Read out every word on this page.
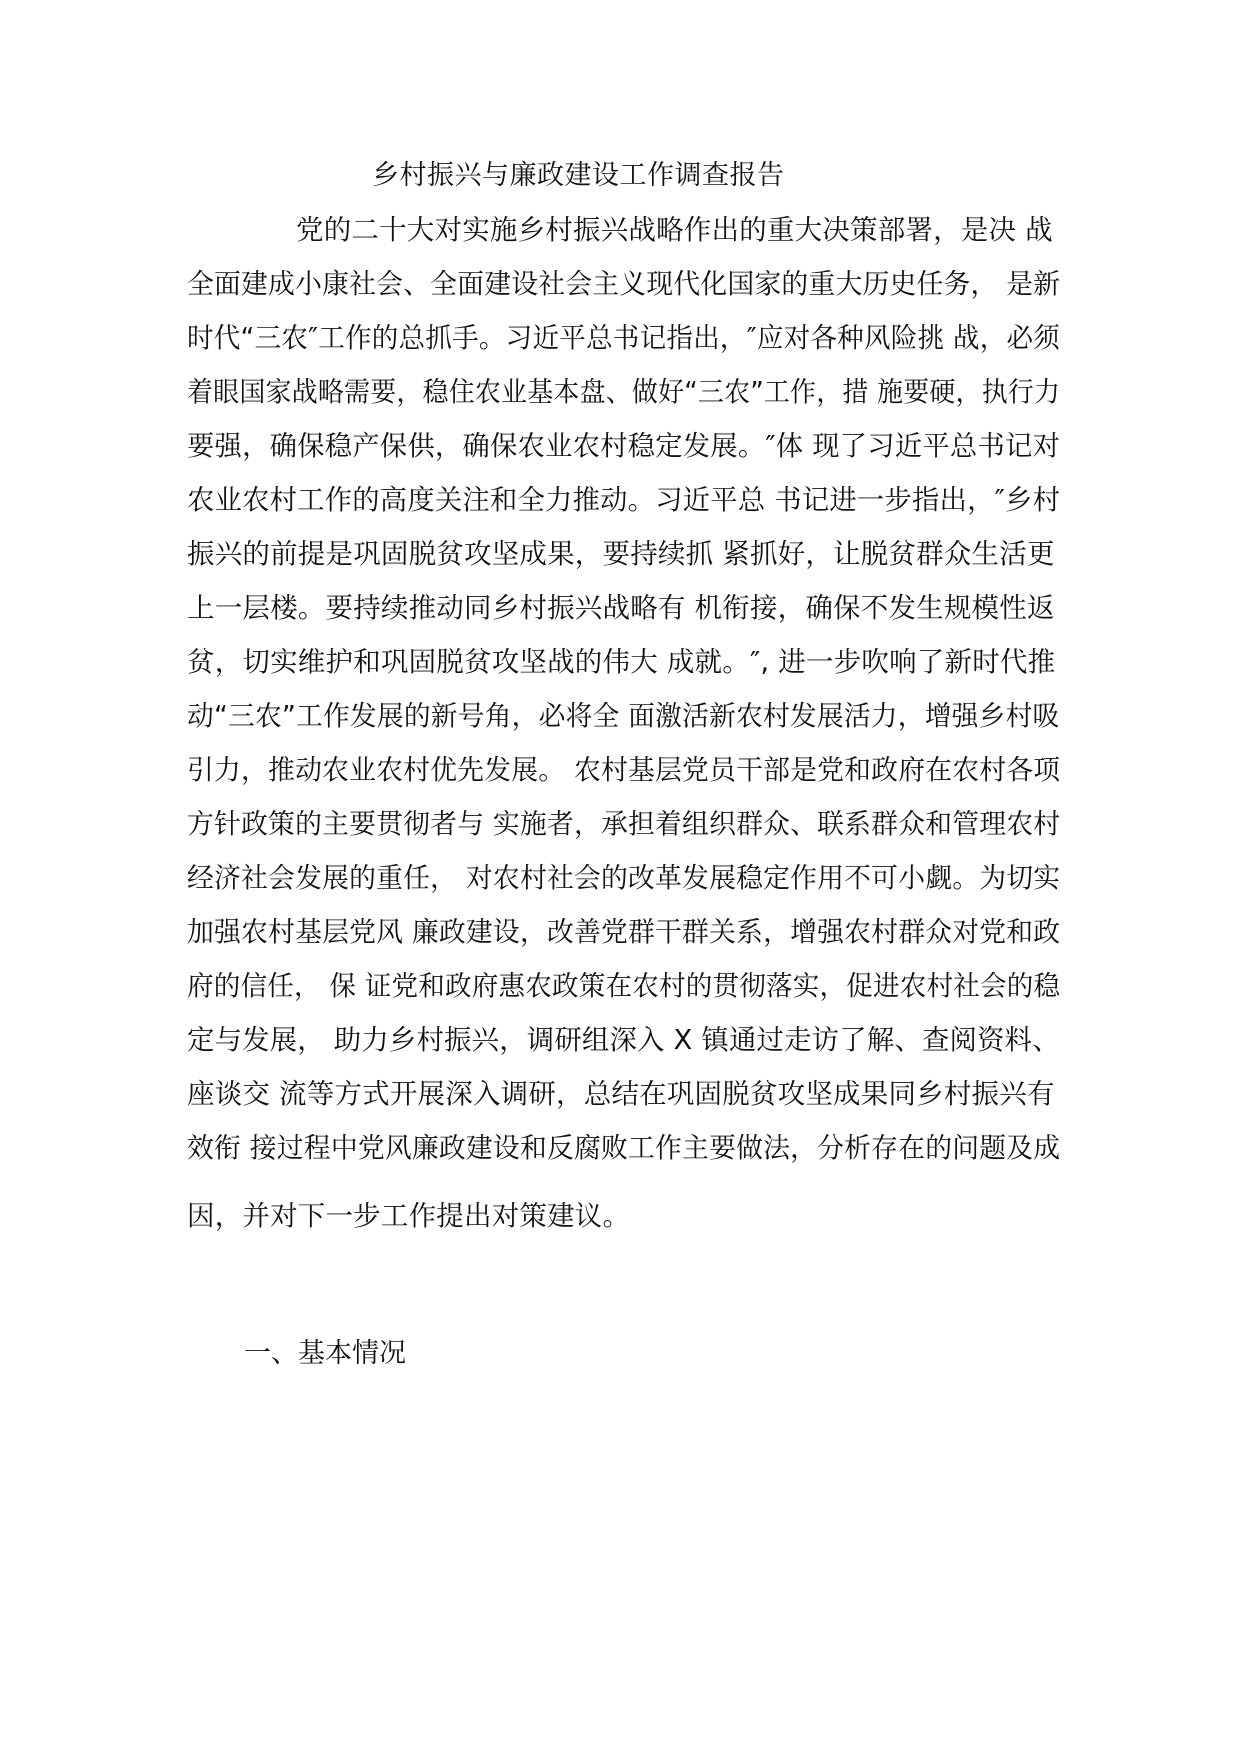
乡村振兴与廉政建设工作调查报告
党的二十大对实施乡村振兴战略作出的重大决策部署，是决 战
全面建成小康社会、全面建设社会主义现代化国家的重大历史任务， 是新
时代“三农″工作的总抓手。习近平总书记指出，″应对各种风险挑 战，必须
着眼国家战略需要，稳住农业基本盘、做好“三农”工作，措 施要硬，执行力
要强，确保稳产保供，确保农业农村稳定发展。″体 现了习近平总书记对
农业农村工作的高度关注和全力推动。习近平总 书记进一步指出，″乡村
振兴的前提是巩固脱贫攻坚成果，要持续抓 紧抓好，让脱贫群众生活更
上一层楼。要持续推动同乡村振兴战略有 机衔接，确保不发生规模性返
贫，切实维护和巩固脱贫攻坚战的伟大 成就。″, 进一步吹响了新时代推
动“三农”工作发展的新号角，必将全 面激活新农村发展活力，增强乡村吸
引力，推动农业农村优先发展。 农村基层党员干部是党和政府在农村各项
方针政策的主要贯彻者与 实施者，承担着组织群众、联系群众和管理农村
经济社会发展的重任， 对农村社会的改革发展稳定作用不可小觑。为切实
加强农村基层党风 廉政建设，改善党群干群关系，增强农村群众对党和政
府的信任， 保 证党和政府惠农政策在农村的贯彻落实，促进农村社会的稳
定与发展， 助力乡村振兴，调研组深入 X 镇通过走访了解、查阅资料、
座谈交 流等方式开展深入调研，总结在巩固脱贫攻坚成果同乡村振兴有
效衔 接过程中党风廉政建设和反腐败工作主要做法，分析存在的问题及成
因，并对下一步工作提出对策建议。
一、基本情况
